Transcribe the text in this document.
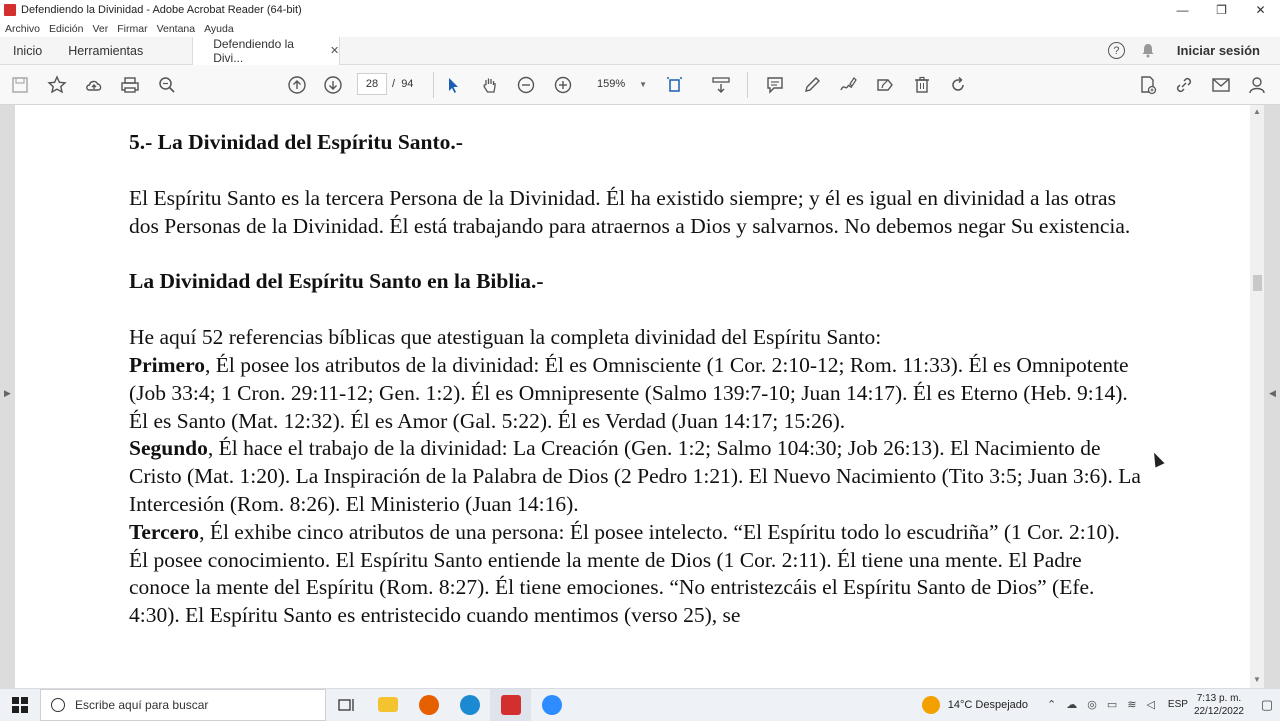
Defendiendo la Divinidad - Adobe Acrobat Reader (64-bit)	—	❐	✕
Archivo Edición Ver Firmar Ventana Ayuda
Inicio	Herramientas	Defendiendo la Divi...	✕	?	Iniciar sesión
28	/ 94	159% ▼
5.- La Divinidad del Espíritu Santo.-

El Espíritu Santo es la tercera Persona de la Divinidad. Él ha existido siempre; y él es igual en divinidad a las otras dos Personas de la Divinidad. Él está trabajando para atraernos a Dios y salvarnos. No debemos negar Su existencia.

La Divinidad del Espíritu Santo en la Biblia.-

He aquí 52 referencias bíblicas que atestiguan la completa divinidad del Espíritu Santo:

Primero, Él posee los atributos de la divinidad: Él es Omnisciente (1 Cor. 2:10-12; Rom. 11:33). Él es Omnipotente (Job 33:4; 1 Cron. 29:11-12; Gen. 1:2). Él es Omnipresente (Salmo 139:7-10; Juan 14:17). Él es Eterno (Heb. 9:14). Él es Santo (Mat. 12:32). Él es Amor (Gal. 5:22). Él es Verdad (Juan 14:17; 15:26).

Segundo, Él hace el trabajo de la divinidad: La Creación (Gen. 1:2; Salmo 104:30; Job 26:13). El Nacimiento de Cristo (Mat. 1:20). La Inspiración de la Palabra de Dios (2 Pedro 1:21). El Nuevo Nacimiento (Tito 3:5; Juan 3:6). La Intercesión (Rom. 8:26). El Ministerio (Juan 14:16).

Tercero, Él exhibe cinco atributos de una persona: Él posee intelecto. “El Espíritu todo lo escudriña” (1 Cor. 2:10). Él posee conocimiento. El Espíritu Santo entiende la mente de Dios (1 Cor. 2:11). Él tiene una mente. El Padre conoce la mente del Espíritu (Rom. 8:27). Él tiene emociones. “No entristezcáis el Espíritu Santo de Dios” (Efe. 4:30). El Espíritu Santo es entristecido cuando mentimos (verso 25), se

▶	◀
▲
▼
Escribe aquí para buscar	14°C Despejado ⌃ ☁ ◎ ▭ ≋ ◁ ESP
7:13 p. m.
22/12/2022	▢
